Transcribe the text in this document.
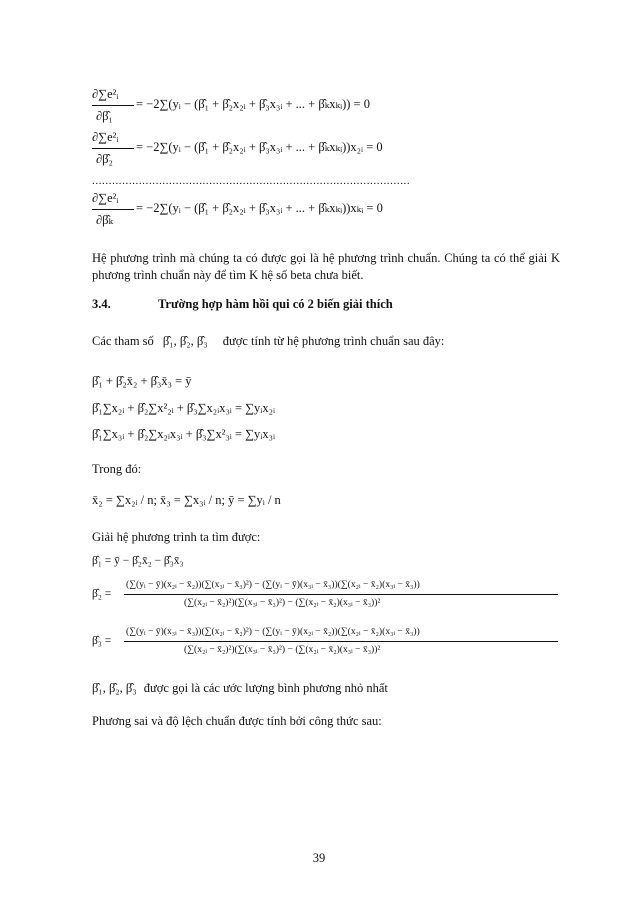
∂∑e²ᵢ
∂β̂₁
= −2∑(yᵢ − (β̂₁ + β̂₂x₂ᵢ + β̂₃x₃ᵢ + ... + β̂ₖxₖᵢ)) = 0
∂∑e²ᵢ
∂β̂₂
= −2∑(yᵢ − (β̂₁ + β̂₂x₂ᵢ + β̂₃x₃ᵢ + ... + β̂ₖxₖᵢ))x₂ᵢ = 0
...............................................................................................
∂∑e²ᵢ
∂β̂ₖ
= −2∑(yᵢ − (β̂₁ + β̂₂x₂ᵢ + β̂₃x₃ᵢ + ... + β̂ₖxₖᵢ))xₖᵢ = 0
Hệ phương trình mà chúng ta có được gọi là hệ phương trình chuẩn. Chúng ta có thể giải K phương trình chuẩn này để tìm K hệ số beta chưa biết.
3.4.	Trường hợp hàm hồi qui có 2 biến giải thích
Các tham số β̂₁, β̂₂, β̂₃ được tính từ hệ phương trình chuẩn sau đây:
β̂₁ + β̂₂x̄₂ + β̂₃x̄₃ = ȳ
β̂₁∑x₂ᵢ + β̂₂∑x²₂ᵢ + β̂₃∑x₂ᵢx₃ᵢ = ∑yᵢx₂ᵢ
β̂₁∑x₃ᵢ + β̂₂∑x₂ᵢx₃ᵢ + β̂₃∑x²₃ᵢ = ∑yᵢx₃ᵢ
Trong đó:
x̄₂ = ∑x₂ᵢ / n; x̄₃ = ∑x₃ᵢ / n; ȳ = ∑yᵢ / n
Giải hệ phương trình ta tìm được:
β̂₁ = ȳ − β̂₂x̄₂ − β̂₃x̄₃
β̂₂ =
(∑(yᵢ − ȳ)(x₂ᵢ − x̄₂))(∑(x₃ᵢ − x̄₃)²) − (∑(yᵢ − ȳ)(x₃ᵢ − x̄₃))(∑(x₂ᵢ − x̄₂)(x₃ᵢ − x̄₃))
(∑(x₂ᵢ − x̄₂)²)(∑(x₃ᵢ − x̄₃)²) − (∑(x₂ᵢ − x̄₂)(x₃ᵢ − x̄₃))²
β̂₃ =
(∑(yᵢ − ȳ)(x₃ᵢ − x̄₃))(∑(x₂ᵢ − x̄₂)²) − (∑(yᵢ − ȳ)(x₂ᵢ − x̄₂))(∑(x₂ᵢ − x̄₂)(x₃ᵢ − x̄₃))
(∑(x₂ᵢ − x̄₂)²)(∑(x₃ᵢ − x̄₃)²) − (∑(x₂ᵢ − x̄₂)(x₃ᵢ − x̄₃))²
β̂₁, β̂₂, β̂₃ được gọi là các ước lượng bình phương nhỏ nhất
Phương sai và độ lệch chuẩn được tính bởi công thức sau:
39
